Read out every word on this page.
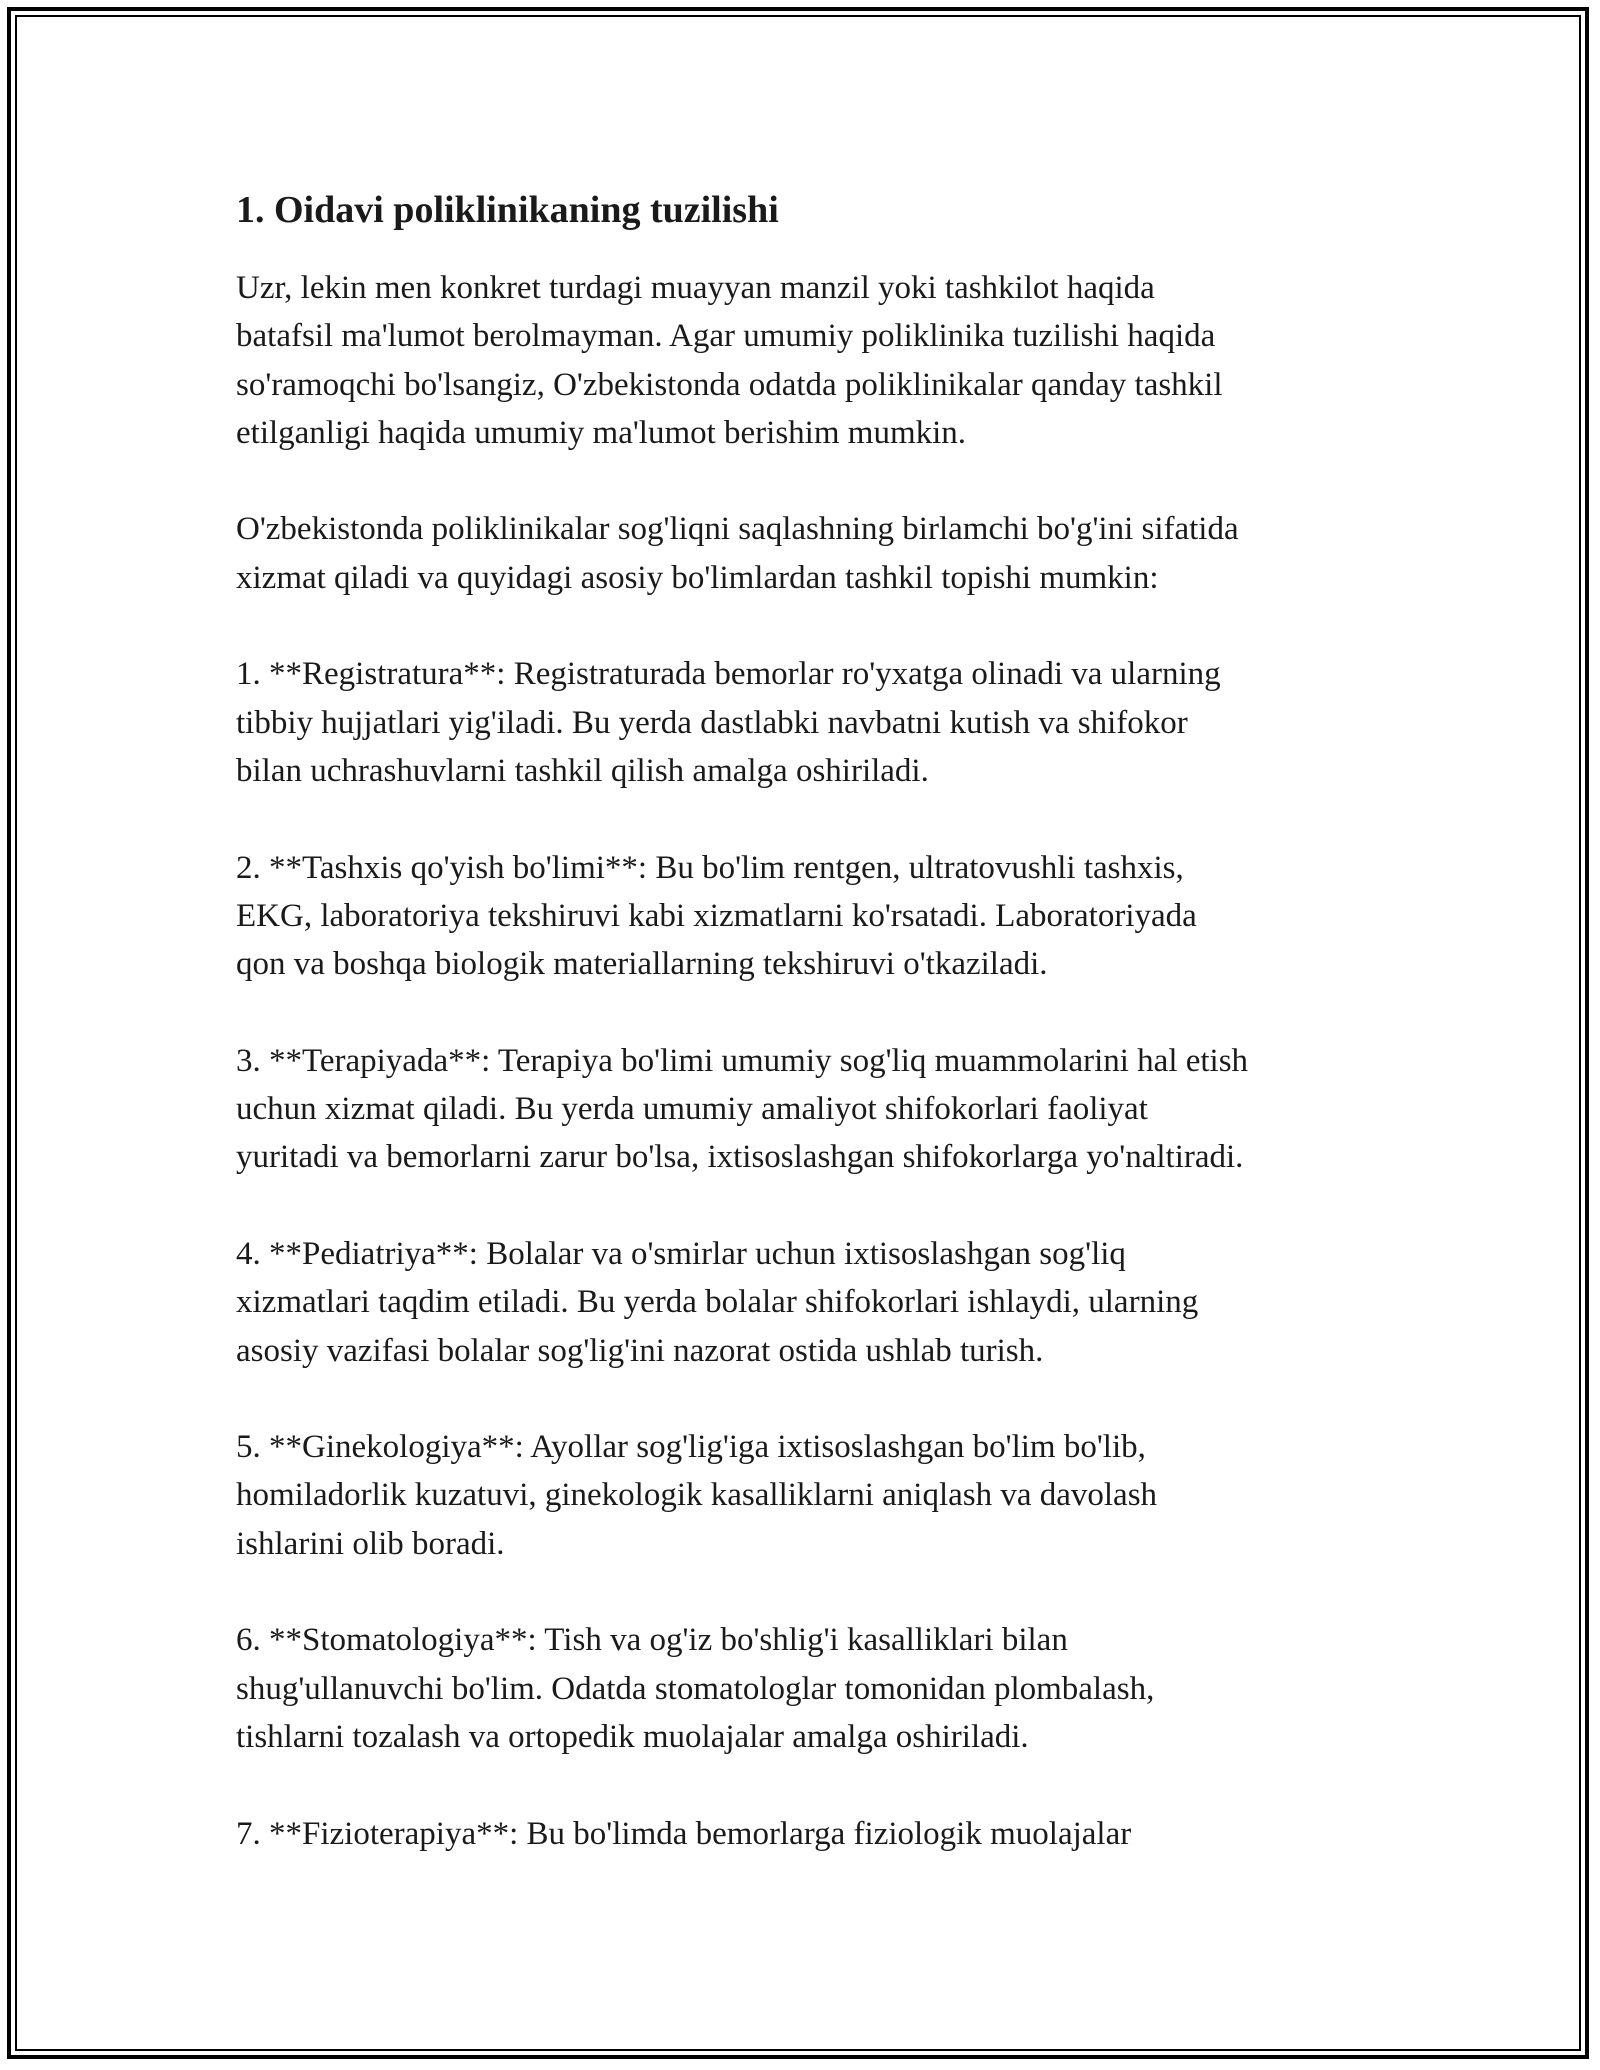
1. Oidavi poliklinikaning tuzilishi
Uzr, lekin men konkret turdagi muayyan manzil yoki tashkilot haqida
batafsil ma'lumot berolmayman. Agar umumiy poliklinika tuzilishi haqida
so'ramoqchi bo'lsangiz, O'zbekistonda odatda poliklinikalar qanday tashkil
etilganligi haqida umumiy ma'lumot berishim mumkin.
O'zbekistonda poliklinikalar sog'liqni saqlashning birlamchi bo'g'ini sifatida
xizmat qiladi va quyidagi asosiy bo'limlardan tashkil topishi mumkin:
1. **Registratura**: Registraturada bemorlar ro'yxatga olinadi va ularning
tibbiy hujjatlari yig'iladi. Bu yerda dastlabki navbatni kutish va shifokor
bilan uchrashuvlarni tashkil qilish amalga oshiriladi.
2. **Tashxis qo'yish bo'limi**: Bu bo'lim rentgen, ultratovushli tashxis,
EKG, laboratoriya tekshiruvi kabi xizmatlarni ko'rsatadi. Laboratoriyada
qon va boshqa biologik materiallarning tekshiruvi o'tkaziladi.
3. **Terapiyada**: Terapiya bo'limi umumiy sog'liq muammolarini hal etish
uchun xizmat qiladi. Bu yerda umumiy amaliyot shifokorlari faoliyat
yuritadi va bemorlarni zarur bo'lsa, ixtisoslashgan shifokorlarga yo'naltiradi.
4. **Pediatriya**: Bolalar va o'smirlar uchun ixtisoslashgan sog'liq
xizmatlari taqdim etiladi. Bu yerda bolalar shifokorlari ishlaydi, ularning
asosiy vazifasi bolalar sog'lig'ini nazorat ostida ushlab turish.
5. **Ginekologiya**: Ayollar sog'lig'iga ixtisoslashgan bo'lim bo'lib,
homiladorlik kuzatuvi, ginekologik kasalliklarni aniqlash va davolash
ishlarini olib boradi.
6. **Stomatologiya**: Tish va og'iz bo'shlig'i kasalliklari bilan
shug'ullanuvchi bo'lim. Odatda stomatologlar tomonidan plombalash,
tishlarni tozalash va ortopedik muolajalar amalga oshiriladi.
7. **Fizioterapiya**: Bu bo'limda bemorlarga fiziologik muolajalar
